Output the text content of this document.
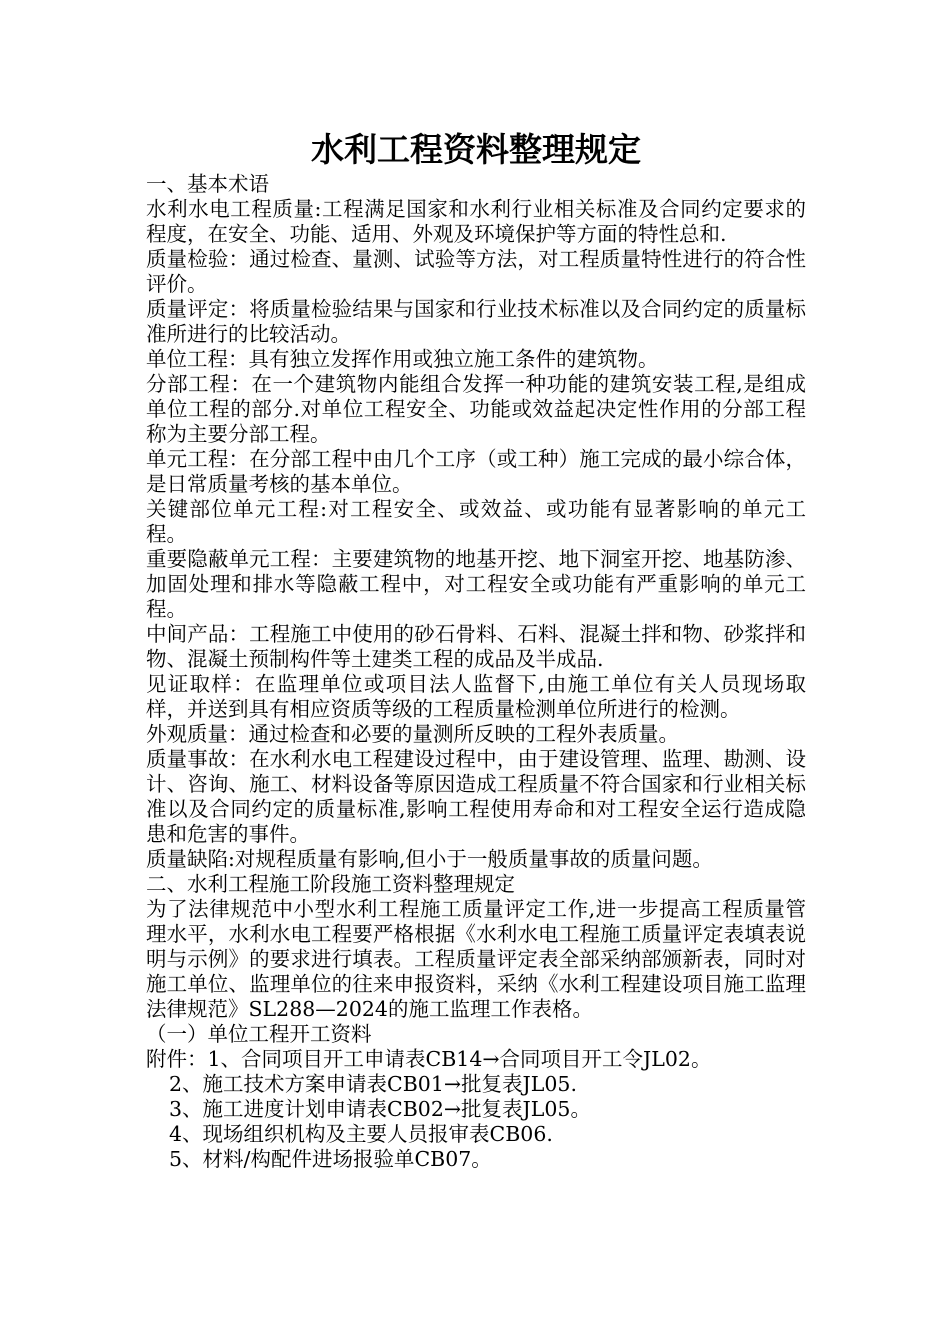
水利工程资料整理规定

一、基本术语

水利水电工程质量:工程满足国家和水利行业相关标准及合同约定要求的程度，在安全、功能、适用、外观及环境保护等方面的特性总和.

质量检验：通过检查、量测、试验等方法，对工程质量特性进行的符合性评价。

质量评定：将质量检验结果与国家和行业技术标准以及合同约定的质量标准所进行的比较活动。

单位工程：具有独立发挥作用或独立施工条件的建筑物。

分部工程：在一个建筑物内能组合发挥一种功能的建筑安装工程,是组成单位工程的部分.对单位工程安全、功能或效益起决定性作用的分部工程称为主要分部工程。

单元工程：在分部工程中由几个工序（或工种）施工完成的最小综合体，是日常质量考核的基本单位。

关键部位单元工程:对工程安全、或效益、或功能有显著影响的单元工程。

重要隐蔽单元工程：主要建筑物的地基开挖、地下洞室开挖、地基防渗、加固处理和排水等隐蔽工程中，对工程安全或功能有严重影响的单元工程。

中间产品：工程施工中使用的砂石骨料、石料、混凝土拌和物、砂浆拌和物、混凝土预制构件等土建类工程的成品及半成品.

见证取样：在监理单位或项目法人监督下,由施工单位有关人员现场取样，并送到具有相应资质等级的工程质量检测单位所进行的检测。

外观质量：通过检查和必要的量测所反映的工程外表质量。

质量事故：在水利水电工程建设过程中，由于建设管理、监理、勘测、设计、咨询、施工、材料设备等原因造成工程质量不符合国家和行业相关标准以及合同约定的质量标准,影响工程使用寿命和对工程安全运行造成隐患和危害的事件。

质量缺陷:对规程质量有影响,但小于一般质量事故的质量问题。

二、水利工程施工阶段施工资料整理规定

为了法律规范中小型水利工程施工质量评定工作,进一步提高工程质量管理水平，水利水电工程要严格根据《水利水电工程施工质量评定表填表说明与示例》的要求进行填表。工程质量评定表全部采纳部颁新表，同时对施工单位、监理单位的往来申报资料，采纳《水利工程建设项目施工监理法律规范》SL288—2024的施工监理工作表格。

（一）单位工程开工资料

附件：1、合同项目开工申请表CB14→合同项目开工令JL02。

2、施工技术方案申请表CB01→批复表JL05.

3、施工进度计划申请表CB02→批复表JL05。

4、现场组织机构及主要人员报审表CB06.

5、材料/构配件进场报验单CB07。
